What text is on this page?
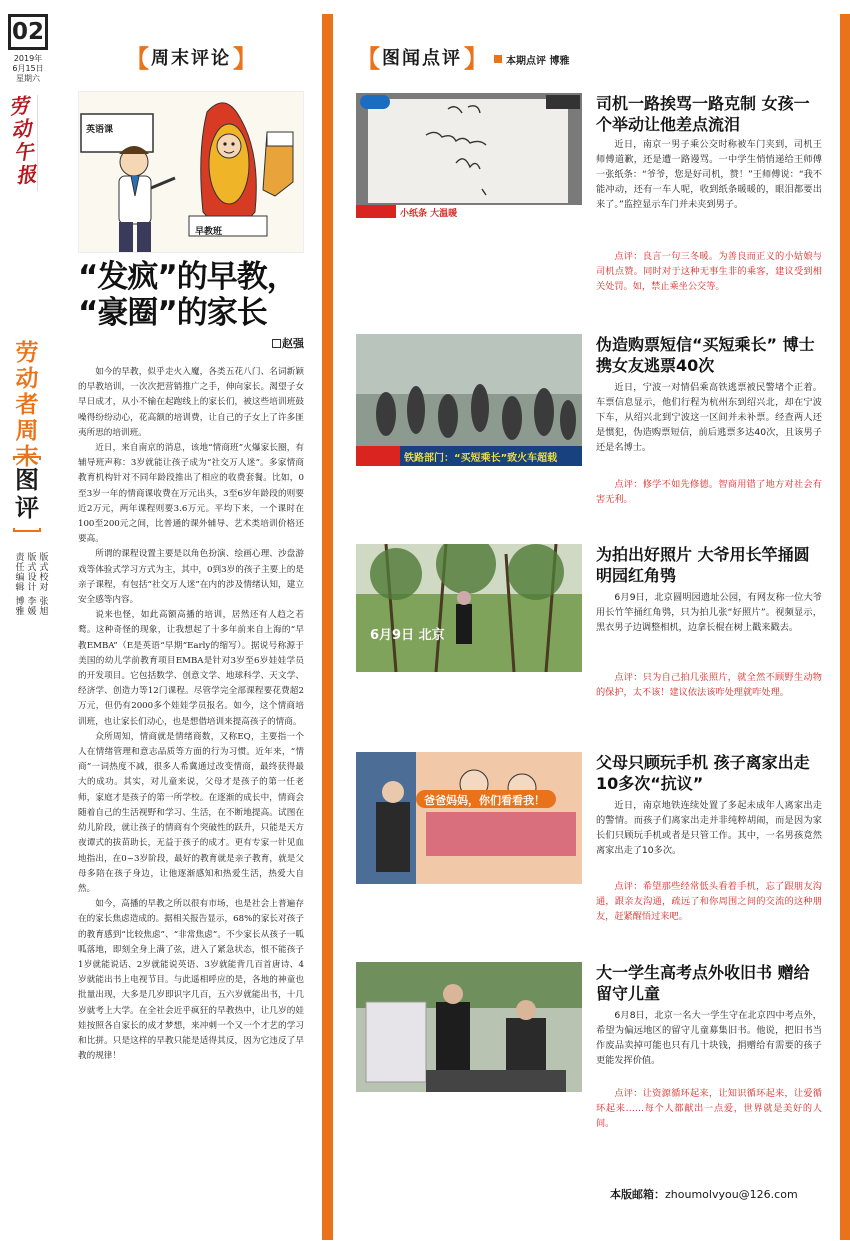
02
2019年
6月15日
星期六
劳动午报
劳动者周末
图评
版式校对 张旭
版式设计 李媛
责任编辑 博雅
【 周末评论 】
英语课
早教班
“发疯”的早教，
“豪圈”的家长
赵强

如今的早教，似乎走火入魔，各类五花八门、名词新颖的早教培训，一次次把营销推广之手，伸向家长。渴望子女早日成才，从小不输在起跑线上的家长们，被这些培训班鼓噪得纷纷动心，花高额的培训费，让自己的子女上了许多匪夷所思的培训班。

近日，来自南京的消息，该地“情商班”火爆家长圈，有辅导班声称：3岁就能让孩子成为“社交万人迷”。多家情商教育机构针对不同年龄段推出了相应的收费套餐。比如，0至3岁一年的情商课收费在万元出头，3至6岁年龄段的则要近2万元，两年课程则要3.6万元。平均下来，一个课时在100至200元之间，比普通的课外辅导、艺术类培训价格还要高。

所谓的课程设置主要是以角色扮演、绘画心理、沙盘游戏等体验式学习方式为主，其中，0到3岁的孩子主要上的是亲子课程，有包括“社交万人迷”在内的涉及情绪认知，建立安全感等内容。

说来也怪，如此高额高播的培训，居然还有人趋之若鹜。这种奇怪的现象，让我想起了十多年前来自上海的“早教EMBA”（E是英语“早期”Early的缩写）。据说号称源于美国的幼儿学前教育项目EMBA是针对3岁至6岁娃娃学员的开发项目。它包括数学、创意文学、地球科学、天文学、经济学、创造力等12门课程。尽管学完全部课程要花费超2万元，但仍有2000多个娃娃学员报名。如今，这个情商培训班，也让家长们动心，也是想借培训来提高孩子的情商。

众所周知，情商就是情绪商数，又称EQ，主要指一个人在情绪管理和意志品质等方面的行为习惯。近年来，“情商”一词热度不减，很多人希冀通过改变情商，最终获得最大的成功。其实，对儿童来说，父母才是孩子的第一任老师，家庭才是孩子的第一所学校。在逐渐的成长中，情商会随着自己的生活视野和学习、生活，在不断地提高。试图在幼儿阶段，就让孩子的情商有个突破性的跃升，只能是天方夜谭式的拔苗助长，无益于孩子的成才。更有专家一针见血地指出，在0~3岁阶段，最好的教育就是亲子教育，就是父母多陪在孩子身边，让他逐渐感知和热爱生活，热爱大自然。

如今，高播的早教之所以很有市场，也是社会上普遍存在的家长焦虑造成的。据相关报告显示，68%的家长对孩子的教育感到“比较焦虑”、“非常焦虑”。不少家长从孩子一呱呱落地，即刻全身上满了弦，进入了紧急状态，恨不能孩子1岁就能说话、2岁就能说英语、3岁就能背几百首唐诗、4岁就能出书上电视节目。与此遥相呼应的是，各地的神童也批量出现，大多是几岁即识字几百，五六岁就能出书，十几岁就考上大学。在全社会近乎疯狂的早教热中，让几岁的娃娃按照各自家长的成才梦想，来冲刺一个又一个才艺的学习和比拼。只是这样的早教只能是适得其反，因为它违反了早教的规律！

【 图闻点评 】 本期点评 博雅
小纸条 大温暖
司机一路挨骂一路克制 女孩一个举动让他差点流泪
近日，南京一男子乘公交时称被车门夹到，司机王师傅道歉，还是遭一路谩骂。一中学生悄悄递给王师傅一张纸条：“爷爷，您是好司机，赞！”王师傅说：“我不能冲动，还有一车人呢，收到纸条暖暖的，眼泪都要出来了。”监控显示车门并未夹到男子。
点评：良言一句三冬暖。为善良而正义的小姑娘与司机点赞。同时对于这种无事生非的乘客，建议受到相关处罚。如，禁止乘坐公交等。
铁路部门：“买短乘长”致火车超载
伪造购票短信“买短乘长” 博士携女友逃票40次
近日，宁波一对情侣乘高铁逃票被民警堵个正着。车票信息显示，他们行程为杭州东到绍兴北，却在宁波下车，从绍兴北到宁波这一区间并未补票。经查两人还是惯犯，伪造购票短信，前后逃票多达40次，且该男子还是名博士。
点评：修学不如先修德。智商用错了地方对社会有害无利。
6月9日 北京
为拍出好照片 大爷用长竿捅圆明园红角鸮
6月9日，北京圆明园遗址公园，有网友称一位大爷用长竹竿捅红角鸮，只为拍儿张“好照片”。视频显示，黑衣男子边调整相机，边拿长棍在树上戳来戳去。
点评：只为自己拍几张照片，就全然不顾野生动物的保护，太不该！建议依法该咋处理就咋处理。
爸爸妈妈，你们看看我！
父母只顾玩手机 孩子离家出走10多次“抗议”
近日，南京地铁连续处置了多起未成年人离家出走的警情。而孩子们离家出走并非纯粹胡闹，而是因为家长们只顾玩手机或者是只管工作。其中，一名男孩竟然离家出走了10多次。
点评：希望那些经常低头看着手机，忘了跟朋友沟通，跟亲友沟通，疏远了和你周围之间的交流的这种朋友，赶紧醒悟过来吧。
大一学生高考点外收旧书 赠给留守儿童
6月8日，北京一名大一学生守在北京四中考点外，希望为偏远地区的留守儿童募集旧书。他说，把旧书当作废品卖掉可能也只有几十块钱，捐赠给有需要的孩子更能发挥价值。
点评：让资源循环起来，让知识循环起来，让爱循环起来……每个人都献出一点爱，世界就是美好的人间。
本版邮箱：zhoumolvyou@126.com
